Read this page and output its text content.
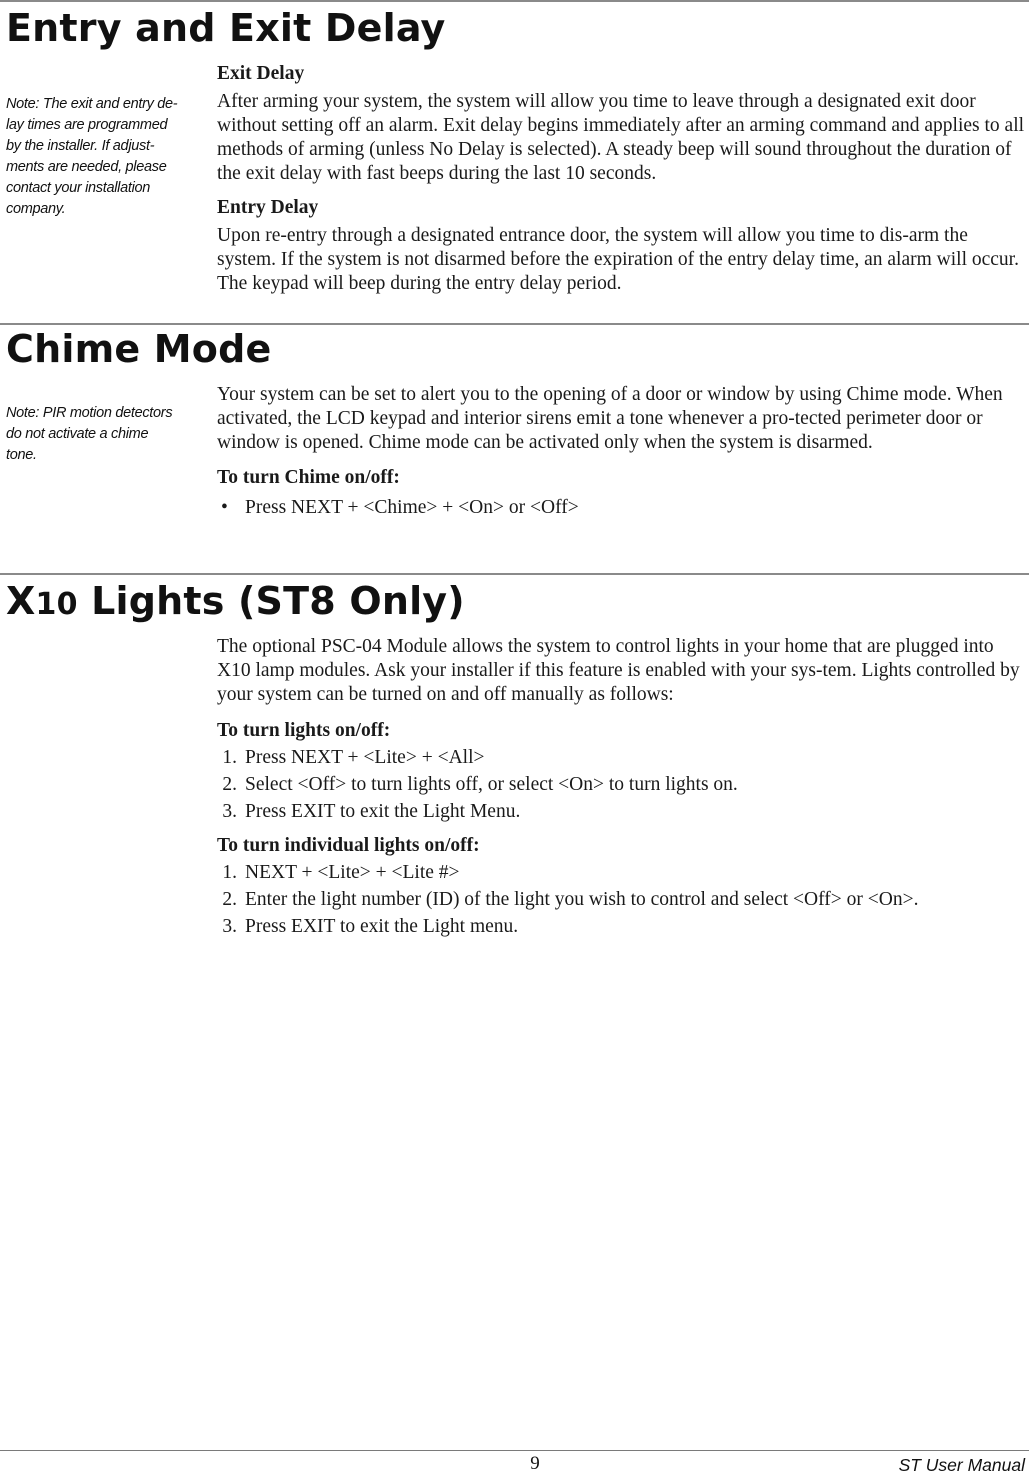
Entry and Exit Delay

Note: The exit and entry de-lay times are programmed by the installer. If adjust-ments are needed, please contact your installation company.

Exit Delay

After arming your system, the system will allow you time to leave through a designated exit door without setting off an alarm. Exit delay begins immediately after an arming command and applies to all methods of arming (unless No Delay is selected). A steady beep will sound throughout the duration of the exit delay with fast beeps during the last 10 seconds.

Entry Delay

Upon re-entry through a designated entrance door, the system will allow you time to dis-arm the system. If the system is not disarmed before the expiration of the entry delay time, an alarm will occur. The keypad will beep during the entry delay period.

Chime Mode

Note: PIR motion detectors do not activate a chime tone.

Your system can be set to alert you to the opening of a door or window by using Chime mode. When activated, the LCD keypad and interior sirens emit a tone whenever a pro-tected perimeter door or window is opened. Chime mode can be activated only when the system is disarmed.

To turn Chime on/off:

• Press NEXT + <Chime> + <On> or <Off>
X10 Lights (ST8 Only)

The optional PSC-04 Module allows the system to control lights in your home that are plugged into X10 lamp modules. Ask your installer if this feature is enabled with your sys-tem. Lights controlled by your system can be turned on and off manually as follows:

To turn lights on/off:

1. Press NEXT + <Lite> + <All>
2. Select <Off> to turn lights off, or select <On> to turn lights on.
3. Press EXIT to exit the Light Menu.

To turn individual lights on/off:

1. NEXT + <Lite> + <Lite #>
2. Enter the light number (ID) of the light you wish to control and select <Off> or <On>.
3. Press EXIT to exit the Light menu.
9	ST User Manual
